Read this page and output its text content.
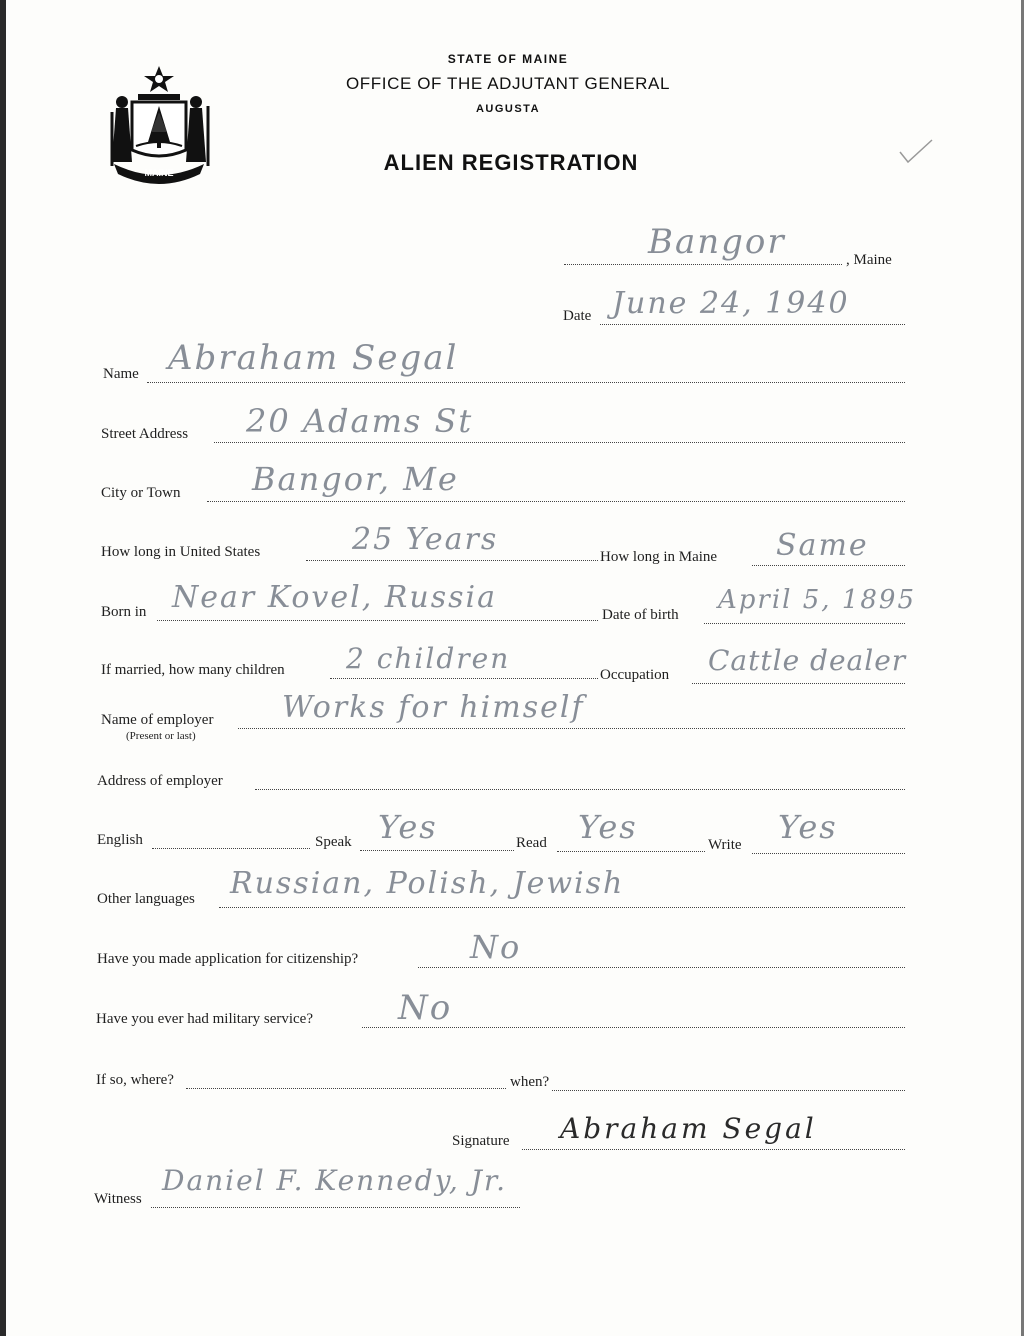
MAINE
STATE OF MAINE
OFFICE OF THE ADJUTANT GENERAL
AUGUSTA
ALIEN REGISTRATION
Bangor	, Maine
Date June 24, 1940
Name Abraham Segal
Street Address 20 Adams St
City or Town Bangor, Me
How long in United States	25 Years	How long in Maine Same
Born in Near Kovel, Russia	Date of birth April 5, 1895
If married, how many children 2 children	Occupation Cattle dealer
Name of employer
(Present or last)
Works for himself
Address of employer
English	Speak Yes	Read Yes	Write Yes
Other languages Russian, Polish, Jewish
Have you made application for citizenship?	No
Have you ever had military service?	No
If so, where?	when?
Signature Abraham Segal
Witness
Daniel F. Kennedy, Jr.
